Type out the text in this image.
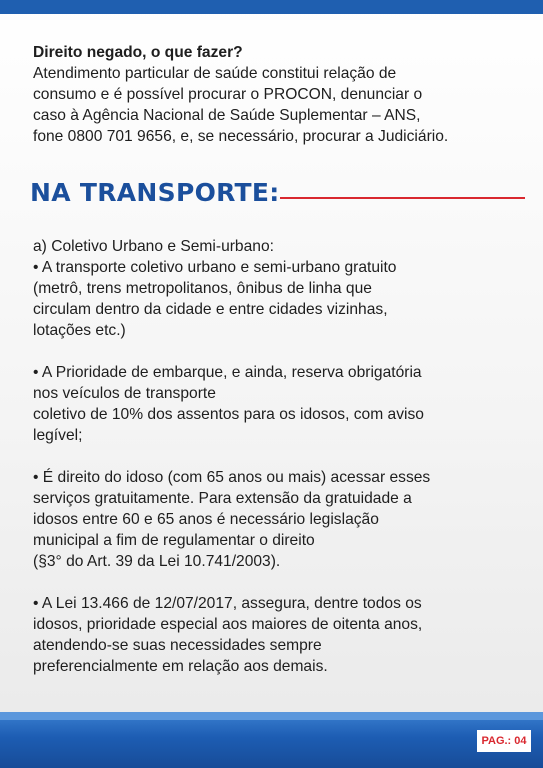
Direito negado, o que fazer?

Atendimento particular de saúde constitui relação de

consumo e é possível procurar o PROCON, denunciar o

caso à Agência Nacional de Saúde Suplementar – ANS,

fone 0800 701 9656, e, se necessário, procurar a Judiciário.

NA TRANSPORTE:

a) Coletivo Urbano e Semi-urbano:

• A transporte coletivo urbano e semi-urbano gratuito

(metrô, trens metropolitanos, ônibus de linha que

circulam dentro da cidade e entre cidades vizinhas,

lotações etc.)

• A Prioridade de embarque, e ainda, reserva obrigatória

nos veículos de transporte

coletivo de 10% dos assentos para os idosos, com aviso

legível;

• É direito do idoso (com 65 anos ou mais) acessar esses

serviços gratuitamente. Para extensão da gratuidade a

idosos entre 60 e 65 anos é necessário legislação

municipal a fim de regulamentar o direito

(§3° do Art. 39 da Lei 10.741/2003).

• A Lei 13.466 de 12/07/2017, assegura, dentre todos os

idosos, prioridade especial aos maiores de oitenta anos,

atendendo-se suas necessidades sempre

preferencialmente em relação aos demais.

PAG.: 04
